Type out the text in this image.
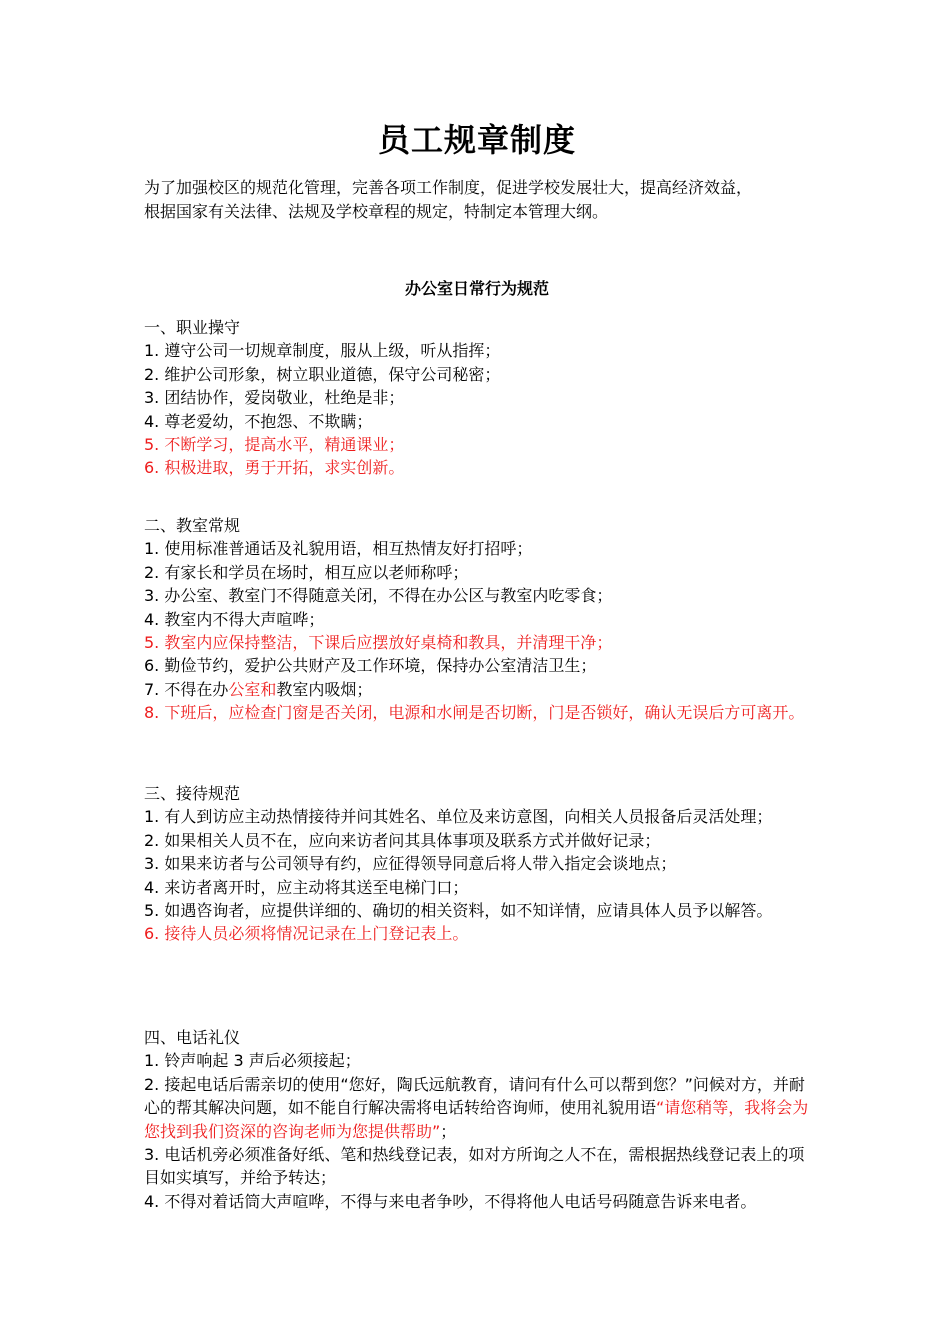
员工规章制度
为了加强校区的规范化管理，完善各项工作制度，促进学校发展壮大，提高经济效益，
根据国家有关法律、法规及学校章程的规定，特制定本管理大纲。
办公室日常行为规范
一、职业操守
1. 遵守公司一切规章制度，服从上级，听从指挥；
2. 维护公司形象，树立职业道德，保守公司秘密；
3. 团结协作，爱岗敬业，杜绝是非；
4. 尊老爱幼，不抱怨、不欺瞒；
5. 不断学习，提高水平，精通课业；
6. 积极进取，勇于开拓，求实创新。
二、教室常规
1. 使用标准普通话及礼貌用语，相互热情友好打招呼；
2. 有家长和学员在场时，相互应以老师称呼；
3. 办公室、教室门不得随意关闭，不得在办公区与教室内吃零食；
4. 教室内不得大声喧哗；
5. 教室内应保持整洁，下课后应摆放好桌椅和教具，并清理干净；
6. 勤俭节约，爱护公共财产及工作环境，保持办公室清洁卫生；
7. 不得在办公室和教室内吸烟；
8. 下班后，应检查门窗是否关闭，电源和水闸是否切断，门是否锁好，确认无误后方可离开。
三、接待规范
1. 有人到访应主动热情接待并问其姓名、单位及来访意图，向相关人员报备后灵活处理；
2. 如果相关人员不在，应向来访者问其具体事项及联系方式并做好记录；
3. 如果来访者与公司领导有约，应征得领导同意后将人带入指定会谈地点；
4. 来访者离开时，应主动将其送至电梯门口；
5. 如遇咨询者，应提供详细的、确切的相关资料，如不知详情，应请具体人员予以解答。
6. 接待人员必须将情况记录在上门登记表上。
四、电话礼仪
1. 铃声响起 3 声后必须接起；
2. 接起电话后需亲切的使用“您好，陶氏远航教育，请问有什么可以帮到您？”问候对方，并耐心的帮其解决问题，如不能自行解决需将电话转给咨询师，使用礼貌用语“请您稍等，我将会为您找到我们资深的咨询老师为您提供帮助”；
3. 电话机旁必须准备好纸、笔和热线登记表，如对方所询之人不在，需根据热线登记表上的项目如实填写，并给予转达；
4. 不得对着话筒大声喧哗，不得与来电者争吵，不得将他人电话号码随意告诉来电者。
